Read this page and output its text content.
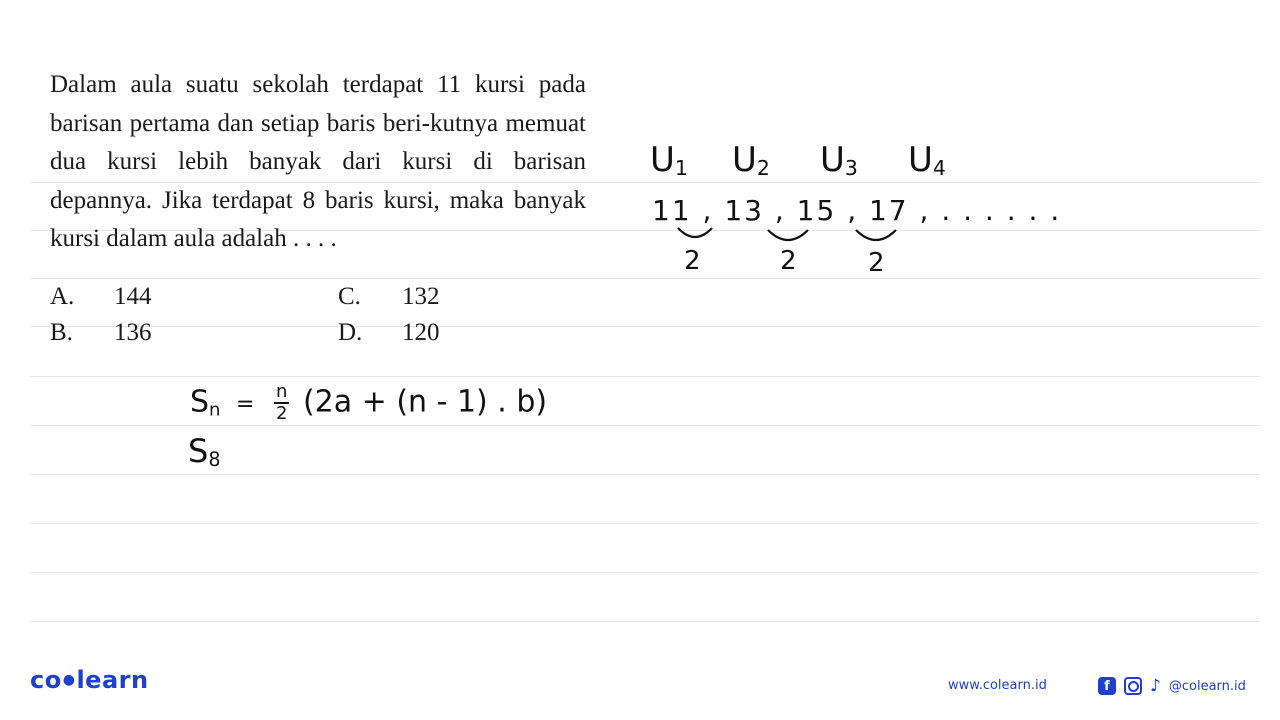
Dalam aula suatu sekolah terdapat 11 kursi pada barisan pertama dan setiap baris beri-kutnya memuat dua kursi lebih banyak dari kursi di barisan depannya. Jika terdapat 8 baris kursi, maka banyak kursi dalam aula adalah . . . .
A. 144
B. 136
C. 132
D. 120
$U_1$ $U_2$ $U_3$ $U_4$
11 , 13 , 15 , 17 , . . . . . .
2	2	2
$S_n = \frac{n}{2} (2a + (n - 1)$ . b)
$S_8$
co●learn	www.colearn.id	f	♪ @colearn.id
